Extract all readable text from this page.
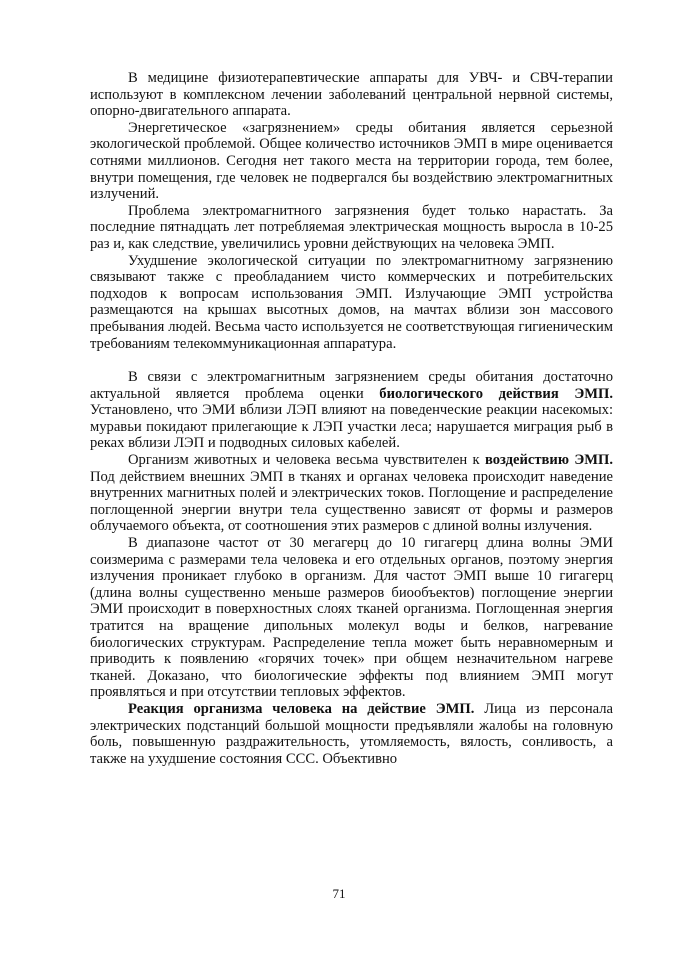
В медицине физиотерапевтические аппараты для УВЧ- и СВЧ-терапии используют в комплексном лечении заболеваний центральной нервной системы, опорно-двигательного аппарата.

Энергетическое «загрязнением» среды обитания является серьезной экологической проблемой. Общее количество источников ЭМП в мире оценивается сотнями миллионов. Сегодня нет такого места на территории города, тем более, внутри помещения, где человек не подвергался бы воздействию электромагнитных излучений.

Проблема электромагнитного загрязнения будет только нарастать. За последние пятнадцать лет потребляемая электрическая мощность выросла в 10-25 раз и, как следствие, увеличились уровни действующих на человека ЭМП.

Ухудшение экологической ситуации по электромагнитному загрязнению связывают также с преобладанием чисто коммерческих и потребительских подходов к вопросам использования ЭМП. Излучающие ЭМП устройства размещаются на крышах высотных домов, на мачтах вблизи зон массового пребывания людей. Весьма часто используется не соответствующая гигиеническим требованиям телекоммуникационная аппаратура.

В связи с электромагнитным загрязнением среды обитания достаточно актуальной является проблема оценки биологического действия ЭМП. Установлено, что ЭМИ вблизи ЛЭП влияют на поведенческие реакции насекомых: муравьи покидают прилегающие к ЛЭП участки леса; нарушается миграция рыб в реках вблизи ЛЭП и подводных силовых кабелей.

Организм животных и человека весьма чувствителен к воздействию ЭМП. Под действием внешних ЭМП в тканях и органах человека происходит наведение внутренних магнитных полей и электрических токов. Поглощение и распределение поглощенной энергии внутри тела существенно зависят от формы и размеров облучаемого объекта, от соотношения этих размеров с длиной волны излучения.

В диапазоне частот от 30 мегагерц до 10 гигагерц длина волны ЭМИ соизмерима с размерами тела человека и его отдельных органов, поэтому энергия излучения проникает глубоко в организм. Для частот ЭМП выше 10 гигагерц (длина волны существенно меньше размеров биообъектов) поглощение энергии ЭМИ происходит в поверхностных слоях тканей организма. Поглощенная энергия тратится на вращение дипольных молекул воды и белков, нагревание биологических структурам. Распределение тепла может быть неравномерным и приводить к появлению «горячих точек» при общем незначительном нагреве тканей. Доказано, что биологические эффекты под влиянием ЭМП могут проявляться и при отсутствии тепловых эффектов.

Реакция организма человека на действие ЭМП. Лица из персонала электрических подстанций большой мощности предъявляли жалобы на головную боль, повышенную раздражительность, утомляемость, вялость, сонливость, а также на ухудшение состояния ССС. Объективно

71
